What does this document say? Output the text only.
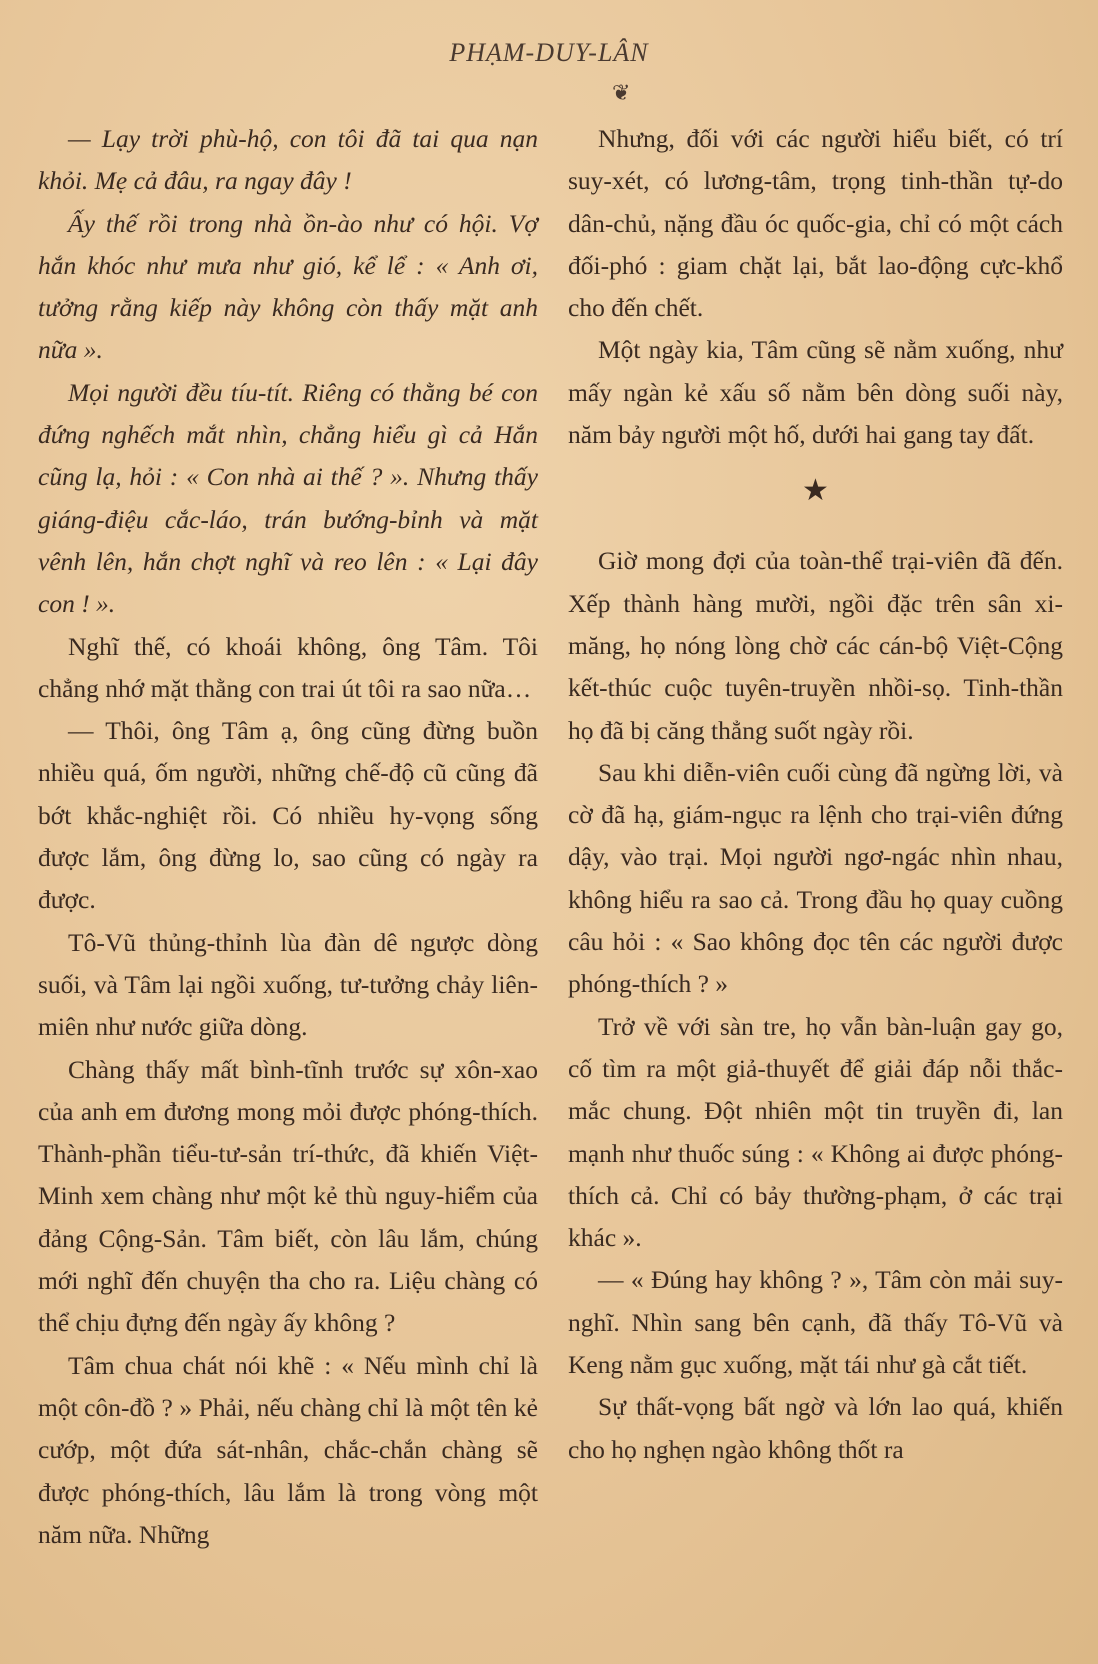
PHẠM-DUY-LÂN
❦

— Lạy trời phù-hộ, con tôi đã tai qua nạn khỏi. Mẹ cả đâu, ra ngay đây !

Ấy thế rồi trong nhà ồn-ào như có hội. Vợ hắn khóc như mưa như gió, kể lể : « Anh ơi, tưởng rằng kiếp này không còn thấy mặt anh nữa ».

Mọi người đều tíu-tít. Riêng có thằng bé con đứng nghếch mắt nhìn, chẳng hiểu gì cả Hắn cũng lạ, hỏi : « Con nhà ai thế ? ». Nhưng thấy giáng-điệu cắc-láo, trán bướng-bỉnh và mặt vênh lên, hắn chợt nghĩ và reo lên : « Lại đây con ! ».

Nghĩ thế, có khoái không, ông Tâm. Tôi chẳng nhớ mặt thằng con trai út tôi ra sao nữa…

— Thôi, ông Tâm ạ, ông cũng đừng buồn nhiều quá, ốm người, những chế-độ cũ cũng đã bớt khắc-nghiệt rồi. Có nhiều hy-vọng sống được lắm, ông đừng lo, sao cũng có ngày ra được.

Tô-Vũ thủng-thỉnh lùa đàn dê ngược dòng suối, và Tâm lại ngồi xuống, tư-tưởng chảy liên-miên như nước giữa dòng.

Chàng thấy mất bình-tĩnh trước sự xôn-xao của anh em đương mong mỏi được phóng-thích. Thành-phần tiểu-tư-sản trí-thức, đã khiến Việt-Minh xem chàng như một kẻ thù nguy-hiểm của đảng Cộng-Sản. Tâm biết, còn lâu lắm, chúng mới nghĩ đến chuyện tha cho ra. Liệu chàng có thể chịu đựng đến ngày ấy không ?

Tâm chua chát nói khẽ : « Nếu mình chỉ là một côn-đồ ? » Phải, nếu chàng chỉ là một tên kẻ cướp, một đứa sát-nhân, chắc-chắn chàng sẽ được phóng-thích, lâu lắm là trong vòng một năm nữa. Những

Nhưng, đối với các người hiểu biết, có trí suy-xét, có lương-tâm, trọng tinh-thần tự-do dân-chủ, nặng đầu óc quốc-gia, chỉ có một cách đối-phó : giam chặt lại, bắt lao-động cực-khổ cho đến chết.

Một ngày kia, Tâm cũng sẽ nằm xuống, như mấy ngàn kẻ xấu số nằm bên dòng suối này, năm bảy người một hố, dưới hai gang tay đất.

★

Giờ mong đợi của toàn-thể trại-viên đã đến. Xếp thành hàng mười, ngồi đặc trên sân xi-măng, họ nóng lòng chờ các cán-bộ Việt-Cộng kết-thúc cuộc tuyên-truyền nhồi-sọ. Tinh-thần họ đã bị căng thẳng suốt ngày rồi.

Sau khi diễn-viên cuối cùng đã ngừng lời, và cờ đã hạ, giám-ngục ra lệnh cho trại-viên đứng dậy, vào trại. Mọi người ngơ-ngác nhìn nhau, không hiểu ra sao cả. Trong đầu họ quay cuồng câu hỏi : « Sao không đọc tên các người được phóng-thích ? »

Trở về với sàn tre, họ vẫn bàn-luận gay go, cố tìm ra một giả-thuyết để giải đáp nỗi thắc-mắc chung. Đột nhiên một tin truyền đi, lan mạnh như thuốc súng : « Không ai được phóng-thích cả. Chỉ có bảy thường-phạm, ở các trại khác ».

— « Đúng hay không ? », Tâm còn mải suy-nghĩ. Nhìn sang bên cạnh, đã thấy Tô-Vũ và Keng nằm gục xuống, mặt tái như gà cắt tiết.

Sự thất-vọng bất ngờ và lớn lao quá, khiến cho họ nghẹn ngào không thốt ra
